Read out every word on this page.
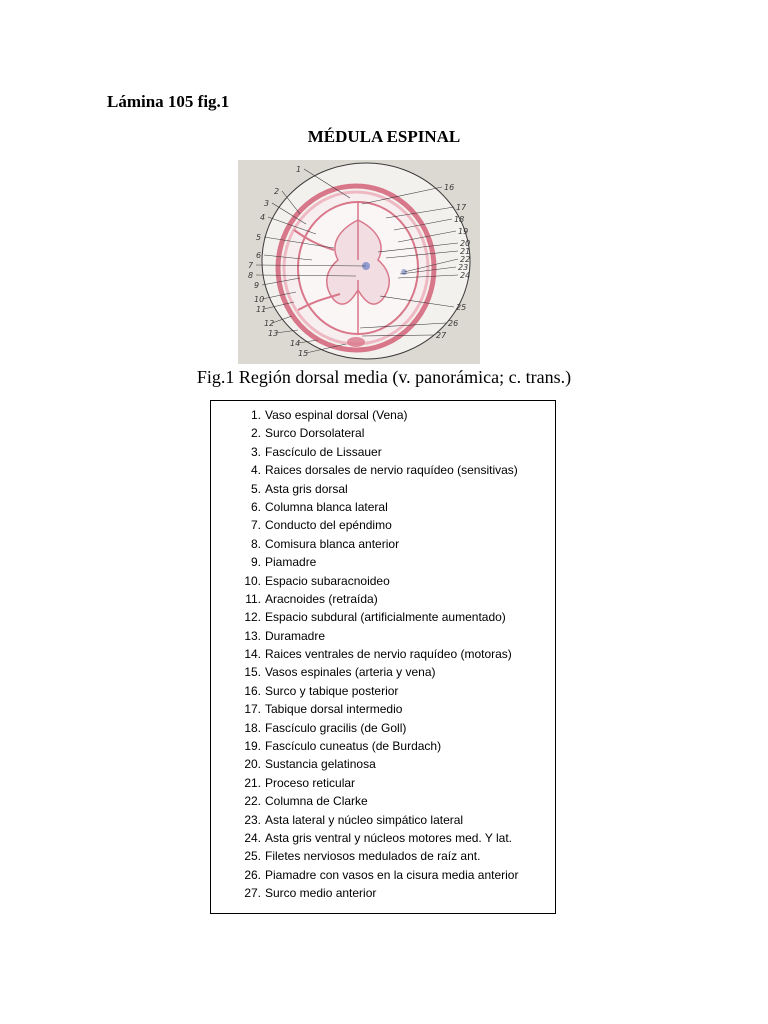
Lámina 105 fig.1
MÉDULA ESPINAL
1
2
3
4
5
6
7
8
9
10
11
12
13
14
15
16
17
18
19
20
21
22
23
24
25
26
27
Fig.1 Región dorsal media (v. panorámica; c. trans.)
1. Vaso espinal dorsal (Vena)
2. Surco Dorsolateral
3. Fascículo de Lissauer
4. Raices dorsales de nervio raquídeo (sensitivas)
5. Asta gris dorsal
6. Columna blanca lateral
7. Conducto del epéndimo
8. Comisura blanca anterior
9. Piamadre
10. Espacio subaracnoideo
11. Aracnoides (retraída)
12. Espacio subdural (artificialmente aumentado)
13. Duramadre
14. Raices ventrales de nervio raquídeo (motoras)
15. Vasos espinales (arteria y vena)
16. Surco y tabique posterior
17. Tabique dorsal intermedio
18. Fascículo gracilis (de Goll)
19. Fascículo cuneatus (de Burdach)
20. Sustancia gelatinosa
21. Proceso reticular
22. Columna de Clarke
23. Asta lateral y núcleo simpático lateral
24. Asta gris ventral y núcleos motores med. Y lat.
25. Filetes nerviosos medulados de raíz ant.
26. Piamadre con vasos en la cisura media anterior
27. Surco medio anterior
